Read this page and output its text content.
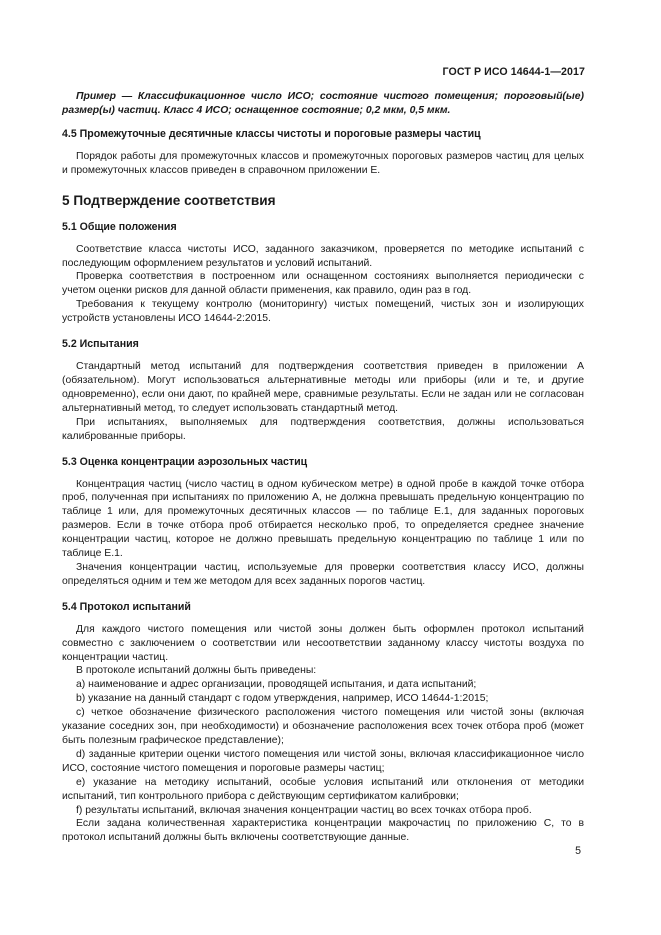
ГОСТ Р ИСО 14644-1—2017

Пример — Классификационное число ИСО; состояние чистого помещения; пороговый(ые) размер(ы) частиц. Класс 4 ИСО; оснащенное состояние; 0,2 мкм, 0,5 мкм.

4.5 Промежуточные десятичные классы чистоты и пороговые размеры частиц

Порядок работы для промежуточных классов и промежуточных пороговых размеров частиц для целых и промежуточных классов приведен в справочном приложении Е.

5 Подтверждение соответствия
5.1 Общие положения

Соответствие класса чистоты ИСО, заданного заказчиком, проверяется по методике испытаний с последующим оформлением результатов и условий испытаний.

Проверка соответствия в построенном или оснащенном состояниях выполняется периодически с учетом оценки рисков для данной области применения, как правило, один раз в год.

Требования к текущему контролю (мониторингу) чистых помещений, чистых зон и изолирующих устройств установлены ИСО 14644-2:2015.

5.2 Испытания

Стандартный метод испытаний для подтверждения соответствия приведен в приложении А (обязательном). Могут использоваться альтернативные методы или приборы (или и те, и другие одновременно), если они дают, по крайней мере, сравнимые результаты. Если не задан или не согласован альтернативный метод, то следует использовать стандартный метод.

При испытаниях, выполняемых для подтверждения соответствия, должны использоваться калиброванные приборы.

5.3 Оценка концентрации аэрозольных частиц

Концентрация частиц (число частиц в одном кубическом метре) в одной пробе в каждой точке отбора проб, полученная при испытаниях по приложению А, не должна превышать предельную концентрацию по таблице 1 или, для промежуточных десятичных классов — по таблице Е.1, для заданных пороговых размеров. Если в точке отбора проб отбирается несколько проб, то определяется среднее значение концентрации частиц, которое не должно превышать предельную концентрацию по таблице 1 или по таблице Е.1.

Значения концентрации частиц, используемые для проверки соответствия классу ИСО, должны определяться одним и тем же методом для всех заданных порогов частиц.

5.4 Протокол испытаний

Для каждого чистого помещения или чистой зоны должен быть оформлен протокол испытаний совместно с заключением о соответствии или несоответствии заданному классу чистоты воздуха по концентрации частиц.

В протоколе испытаний должны быть приведены:

а) наименование и адрес организации, проводящей испытания, и дата испытаний;

b) указание на данный стандарт с годом утверждения, например, ИСО 14644-1:2015;

c) четкое обозначение физического расположения чистого помещения или чистой зоны (включая указание соседних зон, при необходимости) и обозначение расположения всех точек отбора проб (может быть полезным графическое представление);

d) заданные критерии оценки чистого помещения или чистой зоны, включая классификационное число ИСО, состояние чистого помещения и пороговые размеры частиц;

e) указание на методику испытаний, особые условия испытаний или отклонения от методики испытаний, тип контрольного прибора с действующим сертификатом калибровки;

f) результаты испытаний, включая значения концентрации частиц во всех точках отбора проб.

Если задана количественная характеристика концентрации макрочастиц по приложению С, то в протокол испытаний должны быть включены соответствующие данные.

5
